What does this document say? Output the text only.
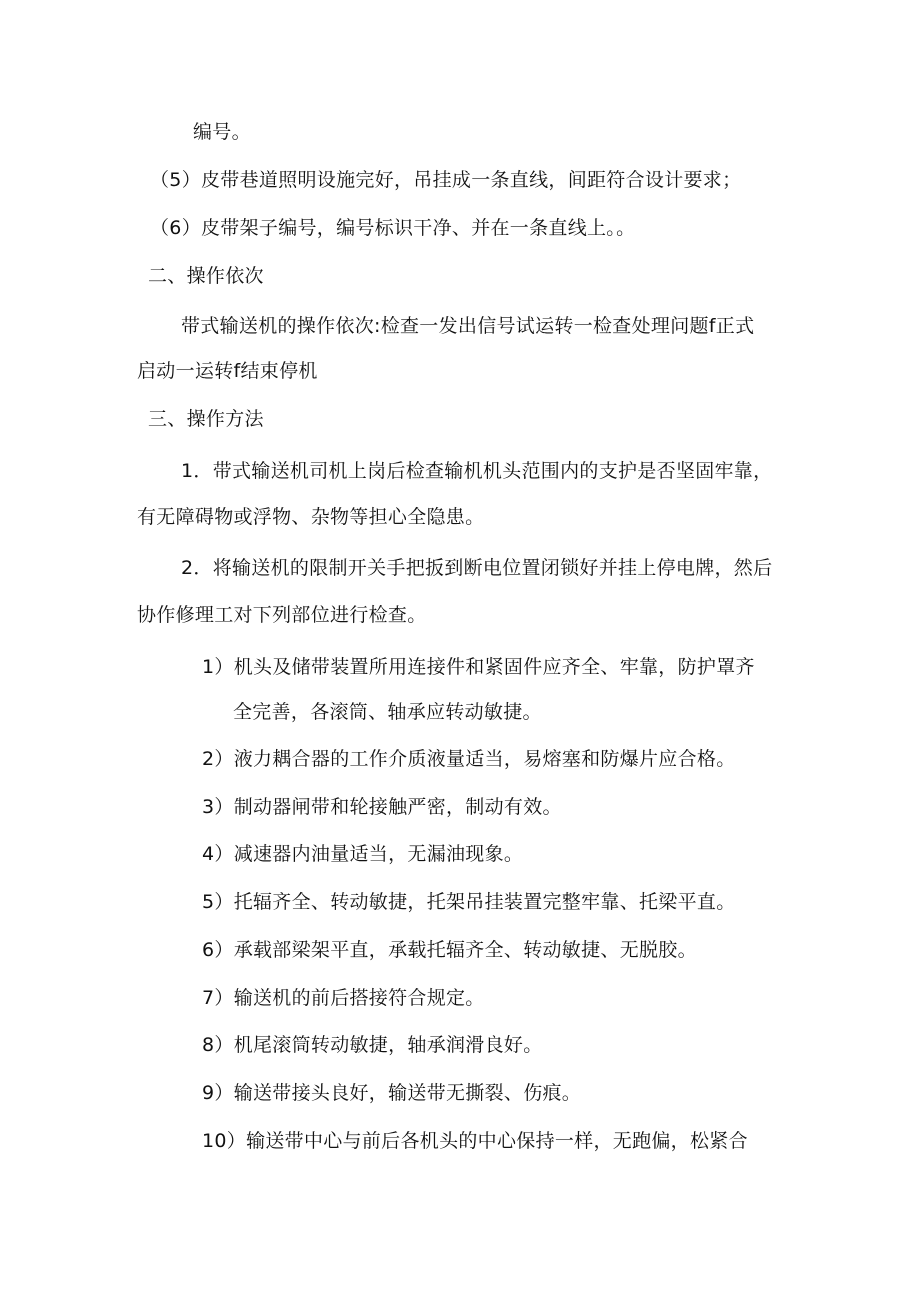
编号。
（5）皮带巷道照明设施完好，吊挂成一条直线，间距符合设计要求；
（6）皮带架子编号，编号标识干净、并在一条直线上。。
二、操作依次
带式输送机的操作依次:检查一发出信号试运转一检查处理问题f正式
启动一运转f结束停机
三、操作方法
1．带式输送机司机上岗后检查输机机头范围内的支护是否坚固牢靠，
有无障碍物或浮物、杂物等担心全隐患。
2．将输送机的限制开关手把扳到断电位置闭锁好并挂上停电牌，然后
协作修理工对下列部位进行检查。
1）机头及储带装置所用连接件和紧固件应齐全、牢靠，防护罩齐
全完善，各滚筒、轴承应转动敏捷。
2）液力耦合器的工作介质液量适当，易熔塞和防爆片应合格。
3）制动器闸带和轮接触严密，制动有效。
4）减速器内油量适当，无漏油现象。
5）托辐齐全、转动敏捷，托架吊挂装置完整牢靠、托梁平直。
6）承载部梁架平直，承载托辐齐全、转动敏捷、无脱胶。
7）输送机的前后搭接符合规定。
8）机尾滚筒转动敏捷，轴承润滑良好。
9）输送带接头良好，输送带无撕裂、伤痕。
10）输送带中心与前后各机头的中心保持一样，无跑偏，松紧合
